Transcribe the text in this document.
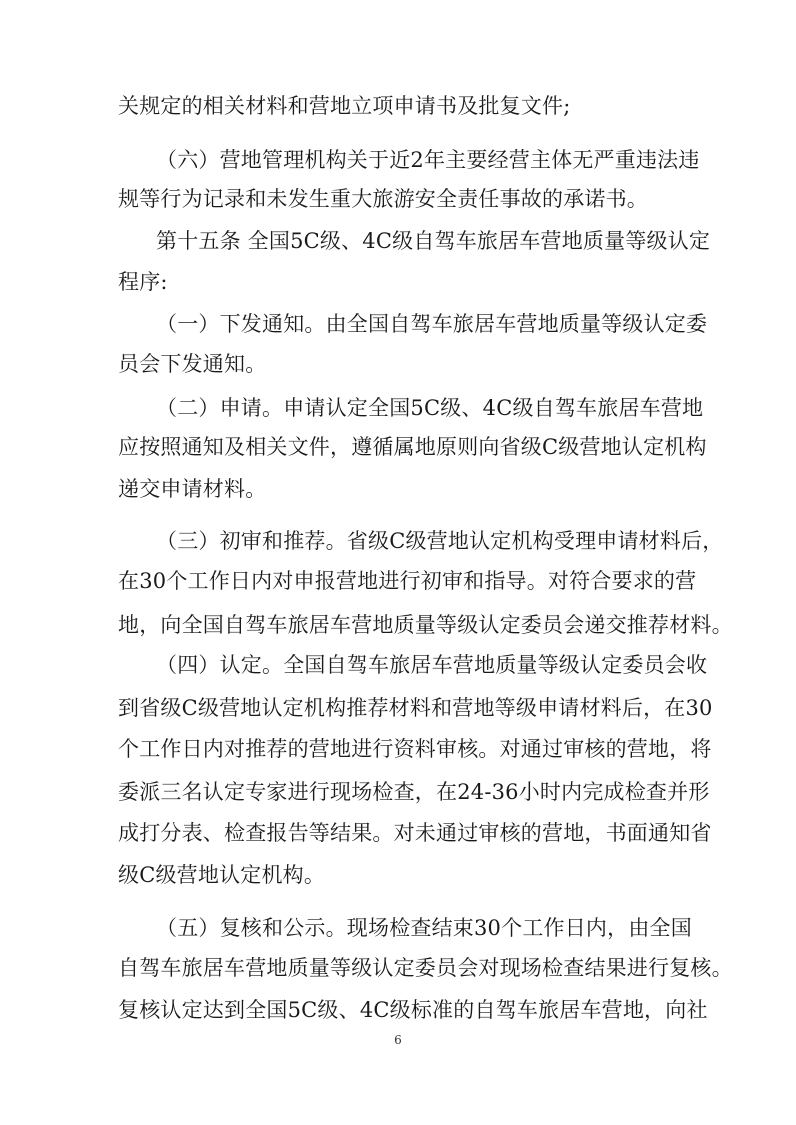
关规定的相关材料和营地立项申请书及批复文件;
（六）营地管理机构关于近2年主要经营主体无严重违法违
规等行为记录和未发生重大旅游安全责任事故的承诺书。
第十五条 全国5C级、4C级自驾车旅居车营地质量等级认定
程序:
（一）下发通知。由全国自驾车旅居车营地质量等级认定委
员会下发通知。
（二）申请。申请认定全国5C级、4C级自驾车旅居车营地
应按照通知及相关文件，遵循属地原则向省级C级营地认定机构
递交申请材料。
（三）初审和推荐。省级C级营地认定机构受理申请材料后，
在30个工作日内对申报营地进行初审和指导。对符合要求的营
地，向全国自驾车旅居车营地质量等级认定委员会递交推荐材料。
（四）认定。全国自驾车旅居车营地质量等级认定委员会收
到省级C级营地认定机构推荐材料和营地等级申请材料后，在30
个工作日内对推荐的营地进行资料审核。对通过审核的营地，将
委派三名认定专家进行现场检查，在24-36小时内完成检查并形
成打分表、检查报告等结果。对未通过审核的营地，书面通知省
级C级营地认定机构。
（五）复核和公示。现场检查结束30个工作日内，由全国
自驾车旅居车营地质量等级认定委员会对现场检查结果进行复核。
复核认定达到全国5C级、4C级标准的自驾车旅居车营地，向社
6
